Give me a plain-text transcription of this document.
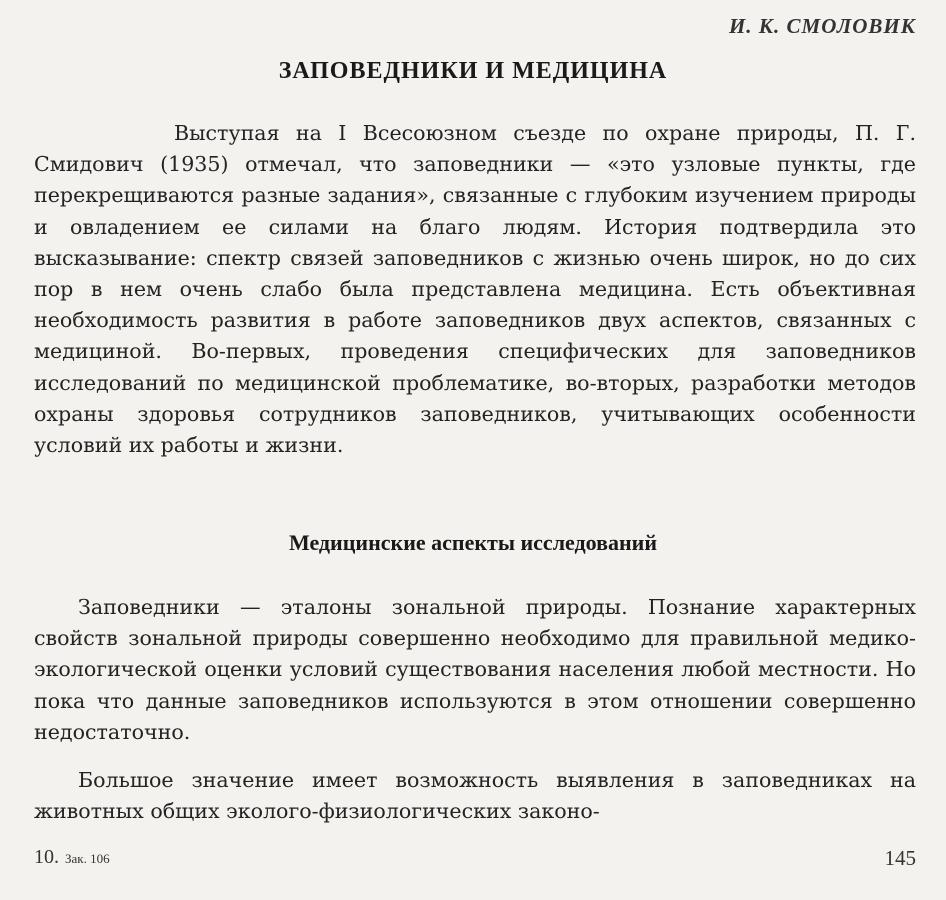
И. К. СМОЛОВИК
ЗАПОВЕДНИКИ И МЕДИЦИНА

Выступая на I Всесоюзном съезде по охране природы, П. Г. Смидович (1935) отмечал, что заповедники — «это узловые пункты, где перекрещиваются разные задания», связанные с глубоким изучением природы и овладением ее силами на благо людям. История подтвердила это высказывание: спектр связей заповедников с жизнью очень широк, но до сих пор в нем очень слабо была представлена медицина. Есть объективная необходимость развития в работе заповедников двух аспектов, связанных с медициной. Во-первых, проведения специфических для заповедников исследований по медицинской проблематике, во-вторых, разработки методов охраны здоровья сотрудников заповедников, учитывающих особенности условий их работы и жизни.

Медицинские аспекты исследований

Заповедники — эталоны зональной природы. Познание характерных свойств зональной природы совершенно необходимо для правильной медико-экологической оценки условий существования населения любой местности. Но пока что данные заповедников используются в этом отношении совершенно недостаточно.

Большое значение имеет возможность выявления в заповедниках на животных общих эколого-физиологических законо-

10. Зак. 106	145
